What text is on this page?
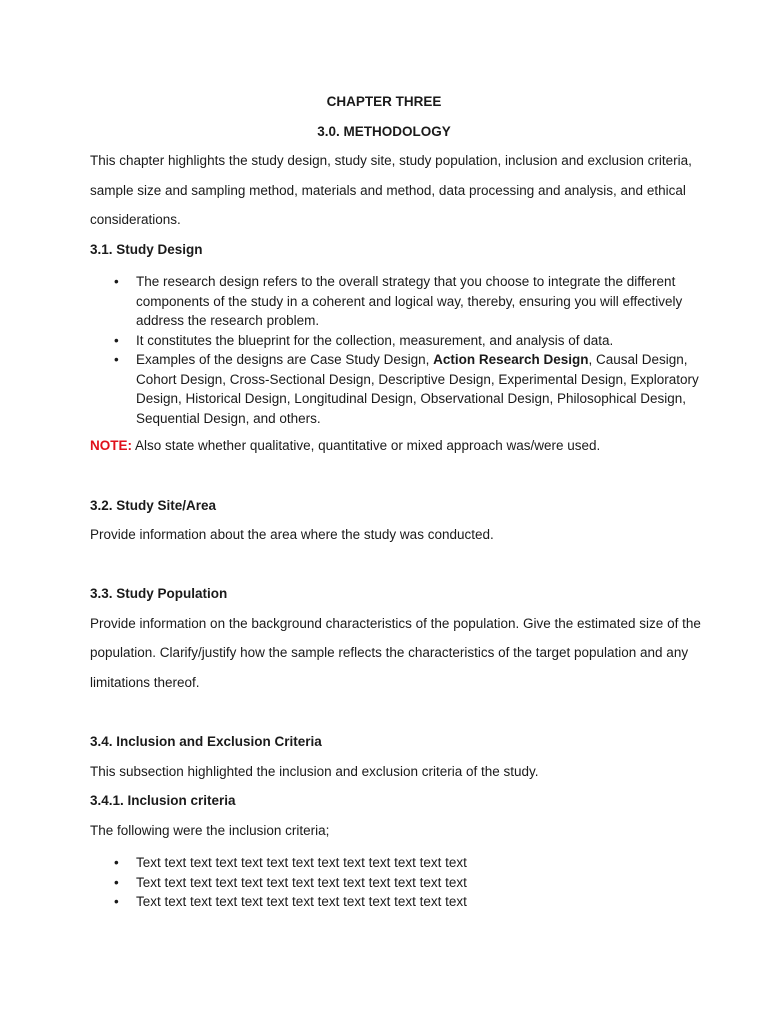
CHAPTER THREE

3.0. METHODOLOGY

This chapter highlights the study design, study site, study population, inclusion and exclusion criteria,

sample size and sampling method, materials and method, data processing and analysis, and ethical

considerations.

3.1. Study Design

• The research design refers to the overall strategy that you choose to integrate the different
components of the study in a coherent and logical way, thereby, ensuring you will effectively
address the research problem.
• It constitutes the blueprint for the collection, measurement, and analysis of data.
• Examples of the designs are Case Study Design, Action Research Design, Causal Design,
Cohort Design, Cross-Sectional Design, Descriptive Design, Experimental Design, Exploratory
Design, Historical Design, Longitudinal Design, Observational Design, Philosophical Design,
Sequential Design, and others.

NOTE: Also state whether qualitative, quantitative or mixed approach was/were used.

3.2. Study Site/Area

Provide information about the area where the study was conducted.

3.3. Study Population

Provide information on the background characteristics of the population. Give the estimated size of the

population. Clarify/justify how the sample reflects the characteristics of the target population and any

limitations thereof.

3.4. Inclusion and Exclusion Criteria

This subsection highlighted the inclusion and exclusion criteria of the study.

3.4.1. Inclusion criteria

The following were the inclusion criteria;

• Text text text text text text text text text text text text text
• Text text text text text text text text text text text text text
• Text text text text text text text text text text text text text
